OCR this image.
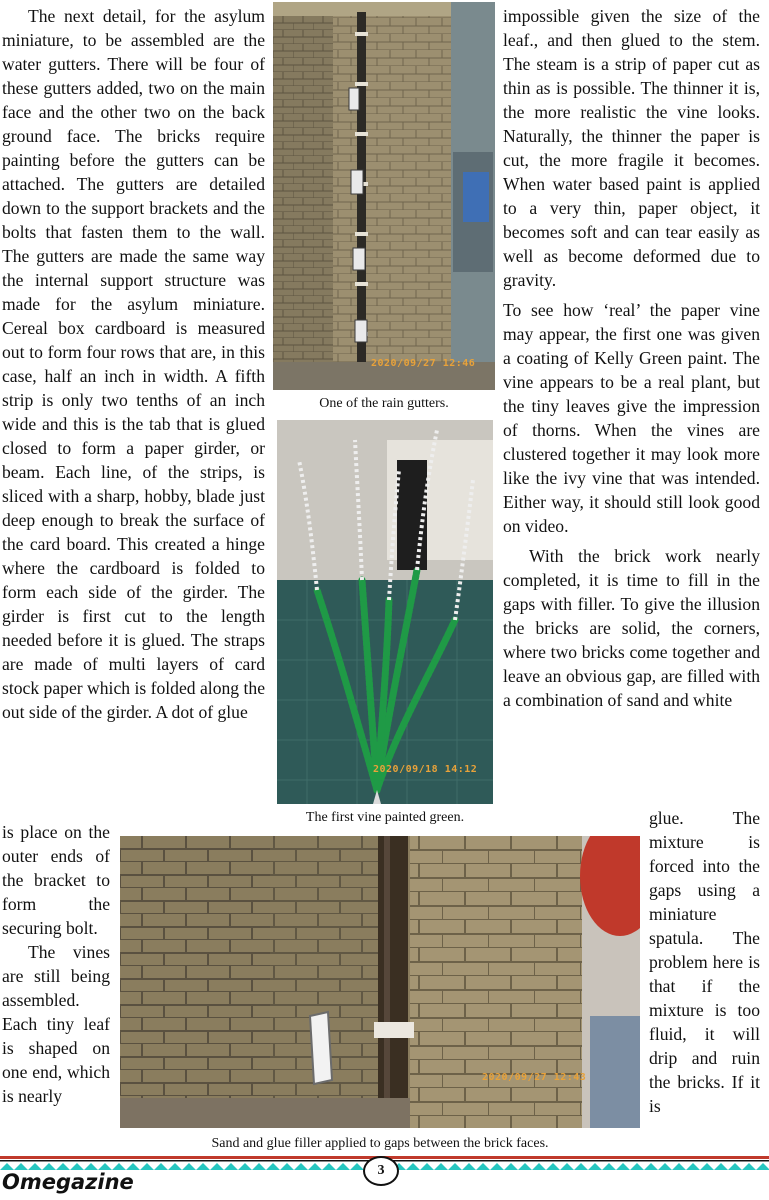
The next detail, for the asylum miniature, to be assembled are the water gutters. There will be four of these gutters added, two on the main face and the other two on the back ground face. The bricks require painting before the gutters can be attached. The gutters are detailed down to the support brackets and the bolts that fasten them to the wall. The gutters are made the same way the internal support structure was made for the asylum miniature. Cereal box cardboard is measured out to form four rows that are, in this case, half an inch in width. A fifth strip is only two tenths of an inch wide and this is the tab that is glued closed to form a paper girder, or beam. Each line, of the strips, is sliced with a sharp, hobby, blade just deep enough to break the surface of the card board. This created a hinge where the cardboard is folded to form each side of the girder. The girder is first cut to the length needed before it is glued. The straps are made of multi layers of card stock paper which is folded along the out side of the girder. A dot of glue

is place on the outer ends of the bracket to form the securing bolt.

The vines are still being assembled. Each tiny leaf is shaped on one end, which is nearly

2020/09/27 12:46

One of the rain gutters.

2020/09/18 14:12

The first vine painted green.

impossible given the size of the leaf., and then glued to the stem. The steam is a strip of paper cut as thin as is possible. The thinner it is, the more realistic the vine looks. Naturally, the thinner the paper is cut, the more fragile it becomes. When water based paint is applied to a very thin, paper object, it becomes soft and can tear easily as well as become deformed due to gravity.

To see how ‘real’ the paper vine may appear, the first one was given a coating of Kelly Green paint. The vine appears to be a real plant, but the tiny leaves give the impression of thorns. When the vines are clustered together it may look more like the ivy vine that was intended. Either way, it should still look good on video.

With the brick work nearly completed, it is time to fill in the gaps with filler. To give the illusion the bricks are solid, the corners, where two bricks come together and leave an obvious gap, are filled with a combination of sand and white

glue. The mixture is forced into the gaps using a miniature spatula. The problem here is that if the mixture is too fluid, it will drip and ruin the bricks. If it is

2020/09/27 12:43

Sand and glue filler applied to gaps between the brick faces.

3
Omegazine
